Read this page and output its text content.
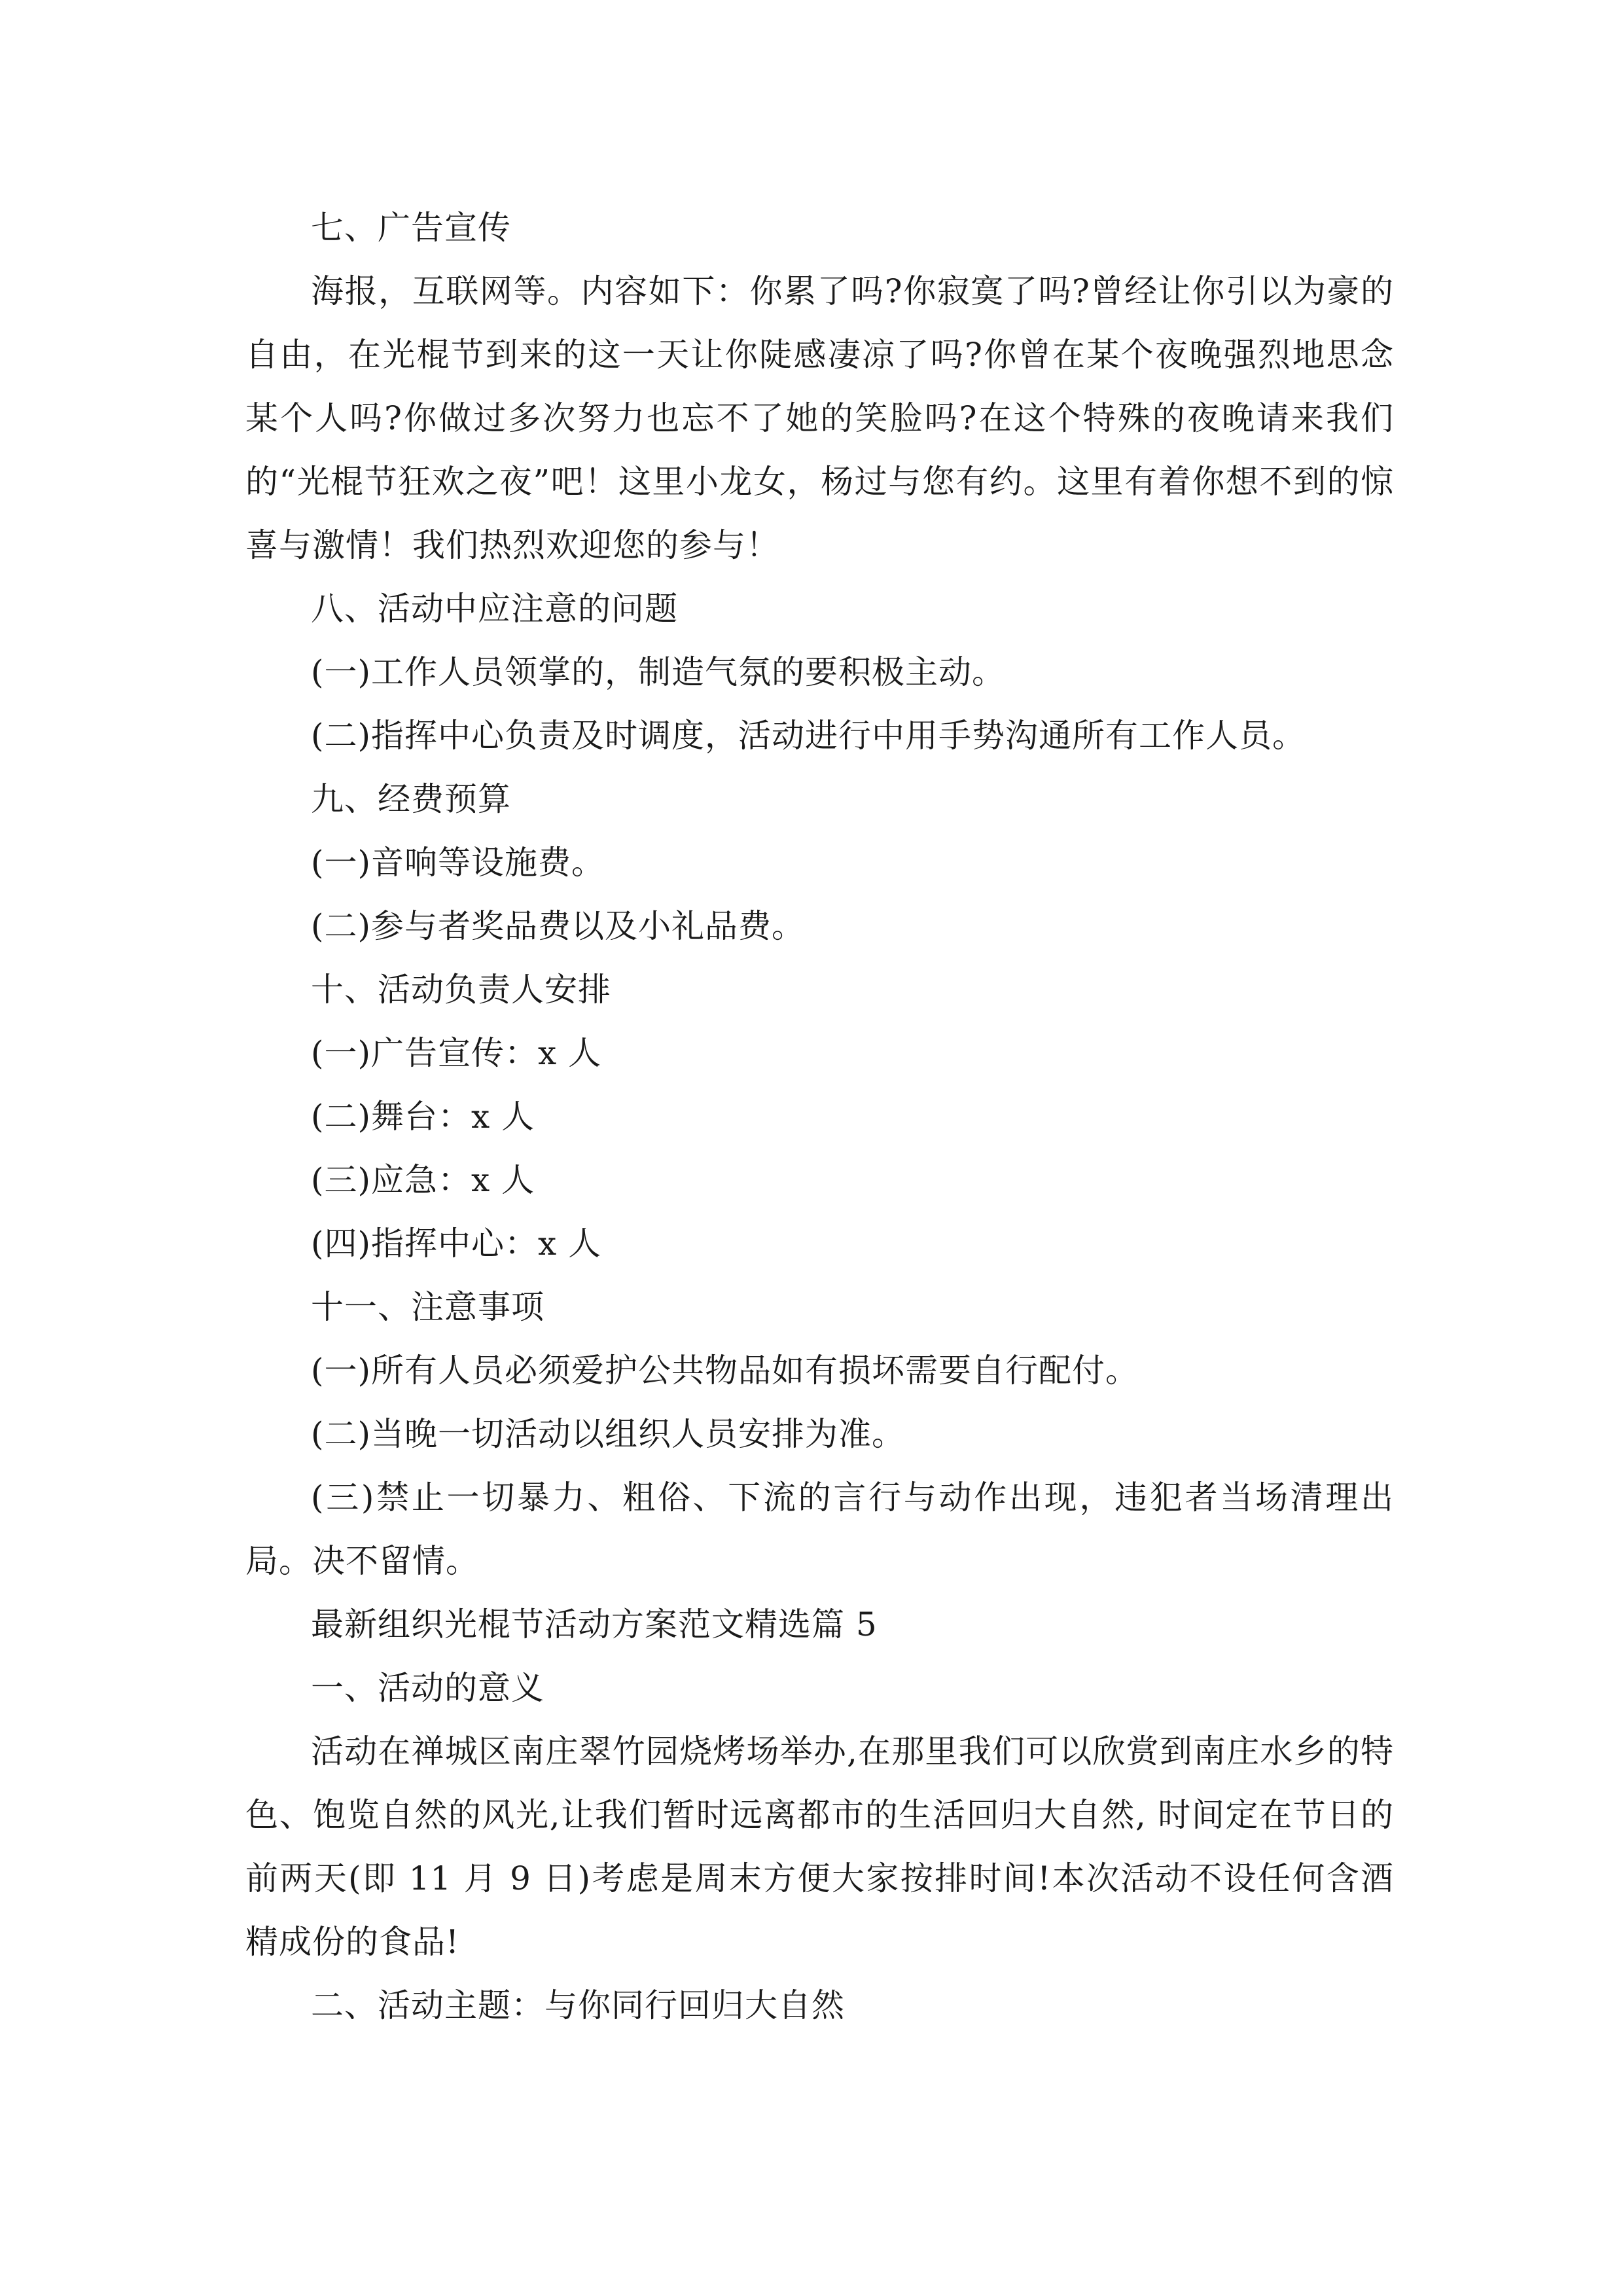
七、广告宣传

海报，互联网等。内容如下：你累了吗?你寂寞了吗?曾经让你引以为豪的自由，在光棍节到来的这一天让你陡感凄凉了吗?你曾在某个夜晚强烈地思念某个人吗?你做过多次努力也忘不了她的笑脸吗?在这个特殊的夜晚请来我们的“光棍节狂欢之夜”吧！这里小龙女，杨过与您有约。这里有着你想不到的惊喜与激情！我们热烈欢迎您的参与！

八、活动中应注意的问题

(一)工作人员领掌的，制造气氛的要积极主动。

(二)指挥中心负责及时调度，活动进行中用手势沟通所有工作人员。

九、经费预算

(一)音响等设施费。

(二)参与者奖品费以及小礼品费。

十、活动负责人安排

(一)广告宣传：x 人

(二)舞台：x 人

(三)应急：x 人

(四)指挥中心：x 人

十一、注意事项

(一)所有人员必须爱护公共物品如有损坏需要自行配付。

(二)当晚一切活动以组织人员安排为准。

(三)禁止一切暴力、粗俗、下流的言行与动作出现，违犯者当场清理出局。决不留情。

最新组织光棍节活动方案范文精选篇 5

一、活动的意义

活动在禅城区南庄翠竹园烧烤场举办,在那里我们可以欣赏到南庄水乡的特色、饱览自然的风光,让我们暂时远离都市的生活回归大自然, 时间定在节日的前两天(即 11 月 9 日)考虑是周末方便大家按排时间!本次活动不设任何含酒精成份的食品!

二、活动主题：与你同行回归大自然
